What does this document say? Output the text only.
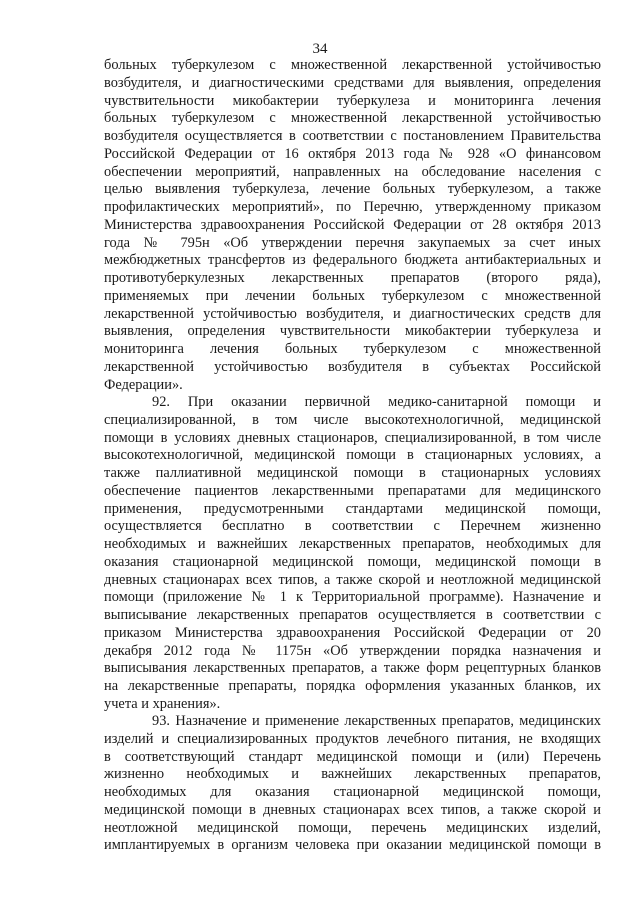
34
больных туберкулезом с множественной лекарственной устойчивостью
возбудителя, и диагностическими средствами для выявления, определения
чувствительности микобактерии туберкулеза и мониторинга лечения
больных туберкулезом с множественной лекарственной устойчивостью
возбудителя осуществляется в соответствии с постановлением Правительства
Российской Федерации от 16 октября 2013 года № 928 «О финансовом
обеспечении мероприятий, направленных на обследование населения с
целью выявления туберкулеза, лечение больных туберкулезом, а также
профилактических мероприятий», по Перечню, утвержденному приказом
Министерства здравоохранения Российской Федерации от 28 октября 2013
года № 795н «Об утверждении перечня закупаемых за счет иных
межбюджетных трансфертов из федерального бюджета антибактериальных и
противотуберкулезных лекарственных препаратов (второго ряда),
применяемых при лечении больных туберкулезом с множественной
лекарственной устойчивостью возбудителя, и диагностических средств для
выявления, определения чувствительности микобактерии туберкулеза и
мониторинга лечения больных туберкулезом с множественной
лекарственной устойчивостью возбудителя в субъектах Российской
Федерации».
92. При оказании первичной медико-санитарной помощи и
специализированной, в том числе высокотехнологичной, медицинской
помощи в условиях дневных стационаров, специализированной, в том числе
высокотехнологичной, медицинской помощи в стационарных условиях, а
также паллиативной медицинской помощи в стационарных условиях
обеспечение пациентов лекарственными препаратами для медицинского
применения, предусмотренными стандартами медицинской помощи,
осуществляется бесплатно в соответствии с Перечнем жизненно
необходимых и важнейших лекарственных препаратов, необходимых для
оказания стационарной медицинской помощи, медицинской помощи в
дневных стационарах всех типов, а также скорой и неотложной медицинской
помощи (приложение № 1 к Территориальной программе). Назначение и
выписывание лекарственных препаратов осуществляется в соответствии с
приказом Министерства здравоохранения Российской Федерации от 20
декабря 2012 года № 1175н «Об утверждении порядка назначения и
выписывания лекарственных препаратов, а также форм рецептурных бланков
на лекарственные препараты, порядка оформления указанных бланков, их
учета и хранения».
93. Назначение и применение лекарственных препаратов, медицинских
изделий и специализированных продуктов лечебного питания, не входящих
в соответствующий стандарт медицинской помощи и (или) Перечень
жизненно необходимых и важнейших лекарственных препаратов,
необходимых для оказания стационарной медицинской помощи,
медицинской помощи в дневных стационарах всех типов, а также скорой и
неотложной медицинской помощи, перечень медицинских изделий,
имплантируемых в организм человека при оказании медицинской помощи в
